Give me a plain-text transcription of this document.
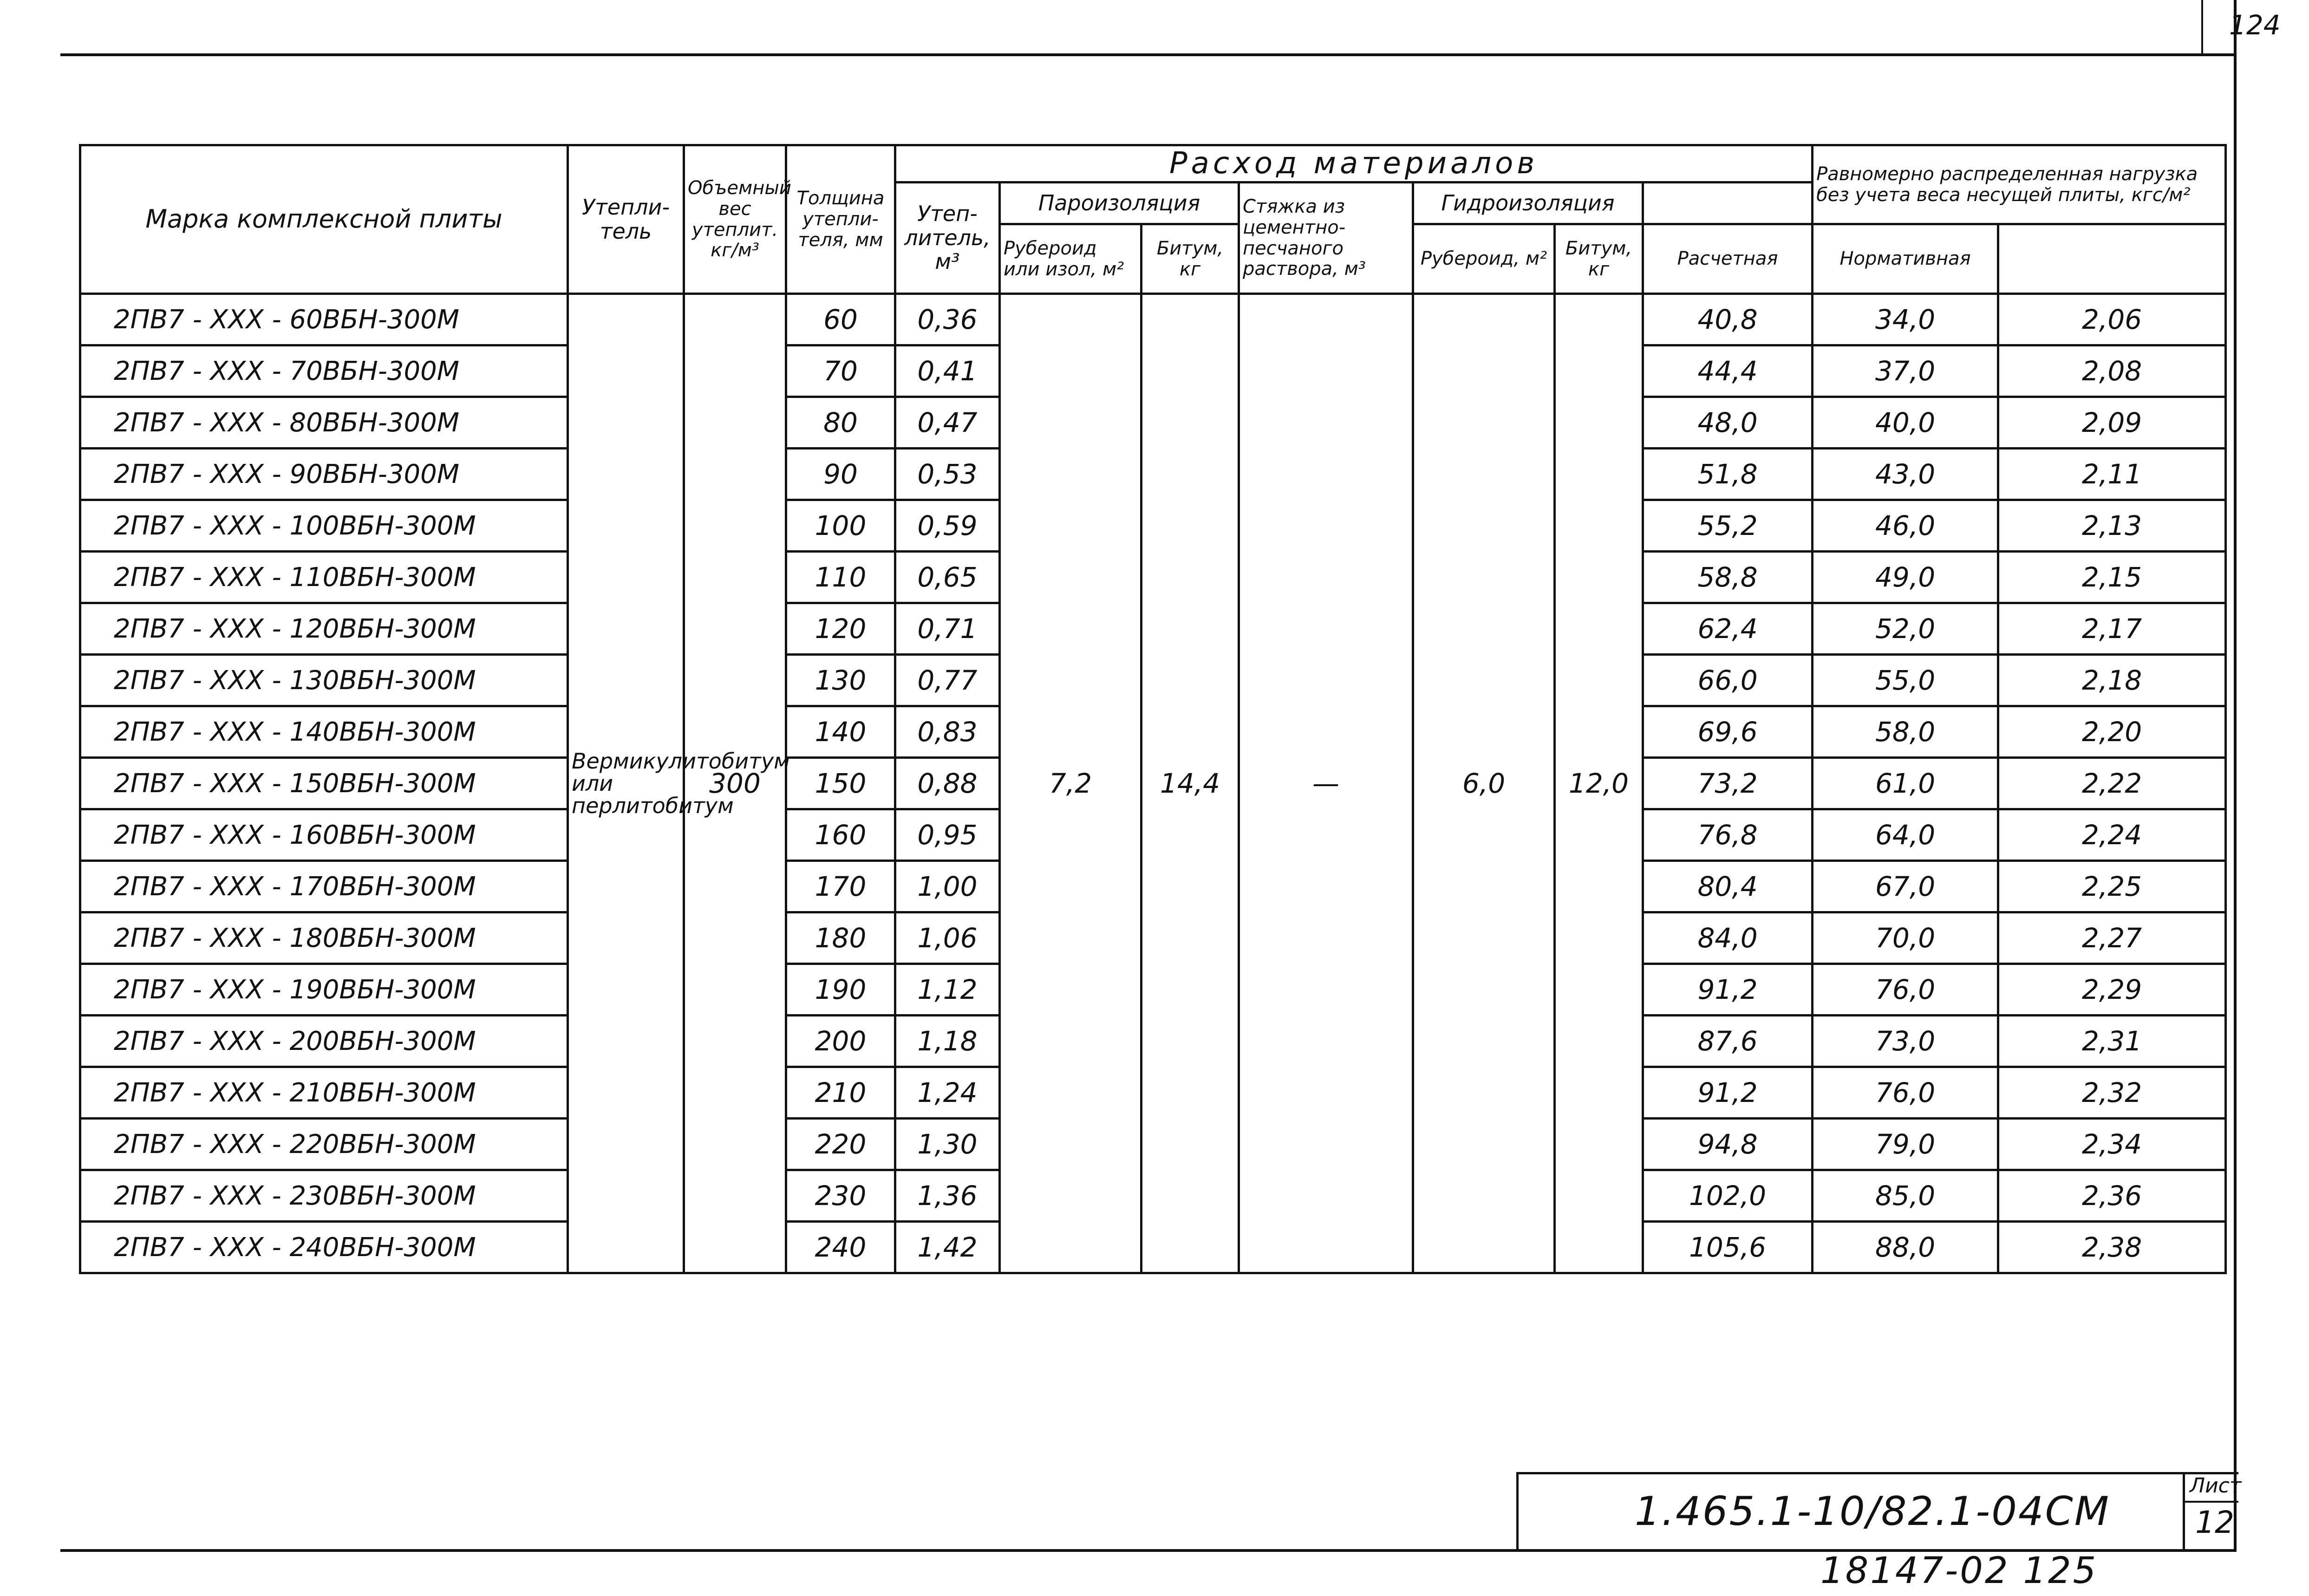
124
Марка комплексной плиты	Утепли- тель	Объемный вес утеплит. кг/м³	Толщина утепли- теля, мм	Расход материалов							Равномерно распределенная нагрузка без учета веса несущей плиты, кгс/м²	
				Утеп- литель, м³	Пароизоляция		Стяжка из цементно- песчаного раствора, м³	Гидроизоляция					
					Рубероид или изол, м²	Битум, кг		Рубероид, м²	Битум, кг	Расчетная	Нормативная		
2ПВ7 - ХХХ - 60ВБН-300М	Вермикулитобитум или перлитобитум	300	60	0,36	7,2	14,4	—	6,0	12,0	40,8	34,0	2,06	
2ПВ7 - ХХХ - 70ВБН-300М			70	0,41						44,4	37,0	2,08	
2ПВ7 - ХХХ - 80ВБН-300М			80	0,47						48,0	40,0	2,09	
2ПВ7 - ХХХ - 90ВБН-300М			90	0,53						51,8	43,0	2,11	
2ПВ7 - ХХХ - 100ВБН-300М			100	0,59						55,2	46,0	2,13	
2ПВ7 - ХХХ - 110ВБН-300М			110	0,65						58,8	49,0	2,15	
2ПВ7 - ХХХ - 120ВБН-300М			120	0,71						62,4	52,0	2,17	
2ПВ7 - ХХХ - 130ВБН-300М			130	0,77						66,0	55,0	2,18	
2ПВ7 - ХХХ - 140ВБН-300М			140	0,83						69,6	58,0	2,20	
2ПВ7 - ХХХ - 150ВБН-300М			150	0,88						73,2	61,0	2,22	
2ПВ7 - ХХХ - 160ВБН-300М			160	0,95						76,8	64,0	2,24	
2ПВ7 - ХХХ - 170ВБН-300М			170	1,00						80,4	67,0	2,25	
2ПВ7 - ХХХ - 180ВБН-300М			180	1,06						84,0	70,0	2,27	
2ПВ7 - ХХХ - 190ВБН-300М			190	1,12						91,2	76,0	2,29	
2ПВ7 - ХХХ - 200ВБН-300М			200	1,18						87,6	73,0	2,31	
2ПВ7 - ХХХ - 210ВБН-300М			210	1,24						91,2	76,0	2,32	
2ПВ7 - ХХХ - 220ВБН-300М			220	1,30						94,8	79,0	2,34	
2ПВ7 - ХХХ - 230ВБН-300М			230	1,36						102,0	85,0	2,36	
2ПВ7 - ХХХ - 240ВБН-300М			240	1,42						105,6	88,0	2,38	
1.465.1-10/82.1-04СМ
Лист
12
18147-02 125
